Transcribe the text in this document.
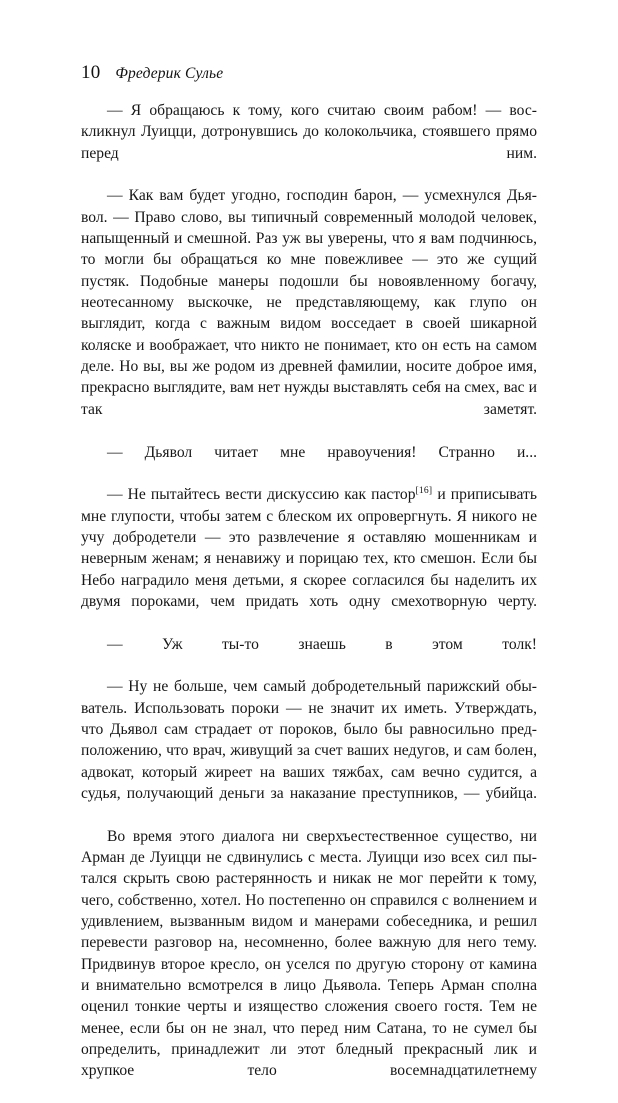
10 Фредерик Сулье

— Я обращаюсь к тому, кого считаю своим рабом! — воскликнул Луицци, дотронувшись до колокольчика, стоявшего прямо перед ним.

— Как вам будет угодно, господин барон, — усмехнулся Дьявол. — Право слово, вы типичный современный молодой человек, напыщенный и смешной. Раз уж вы уверены, что я вам подчинюсь, то могли бы обращаться ко мне повежливее — это же сущий пустяк. Подобные манеры подошли бы новоявленному богачу, неотесанному выскочке, не представляющему, как глупо он выглядит, когда с важным видом восседает в своей шикарной коляске и воображает, что никто не понимает, кто он есть на самом деле. Но вы, вы же родом из древней фамилии, носите доброе имя, прекрасно выглядите, вам нет нужды выставлять себя на смех, вас и так заметят.

— Дьявол читает мне нравоучения! Странно и...

— Не пытайтесь вести дискуссию как пастор[16] и приписывать мне глупости, чтобы затем с блеском их опровергнуть. Я никого не учу добродетели — это развлечение я оставляю мошенникам и неверным женам; я ненавижу и порицаю тех, кто смешон. Если бы Небо наградило меня детьми, я скорее согласился бы наделить их двумя пороками, чем придать хоть одну смехотворную черту.

— Уж ты-то знаешь в этом толк!

— Ну не больше, чем самый добродетельный парижский обыватель. Использовать пороки — не значит их иметь. Утверждать, что Дьявол сам страдает от пороков, было бы равносильно предположению, что врач, живущий за счет ваших недугов, и сам болен, адвокат, который жиреет на ваших тяжбах, сам вечно судится, а судья, получающий деньги за наказание преступников, — убийца.

Во время этого диалога ни сверхъестественное существо, ни Арман де Луицци не сдвинулись с места. Луицци изо всех сил пытался скрыть свою растерянность и никак не мог перейти к тому, чего, собственно, хотел. Но постепенно он справился с волнением и удивлением, вызванным видом и манерами собеседника, и решил перевести разговор на, несомненно, более важную для него тему. Придвинув второе кресло, он уселся по другую сторону от камина и внимательно всмотрелся в лицо Дьявола. Теперь Арман сполна оценил тонкие черты и изящество сложения своего гостя. Тем не менее, если бы он не знал, что перед ним Сатана, то не сумел бы определить, принадлежит ли этот бледный прекрасный лик и хрупкое тело восемнадцатилетнему
